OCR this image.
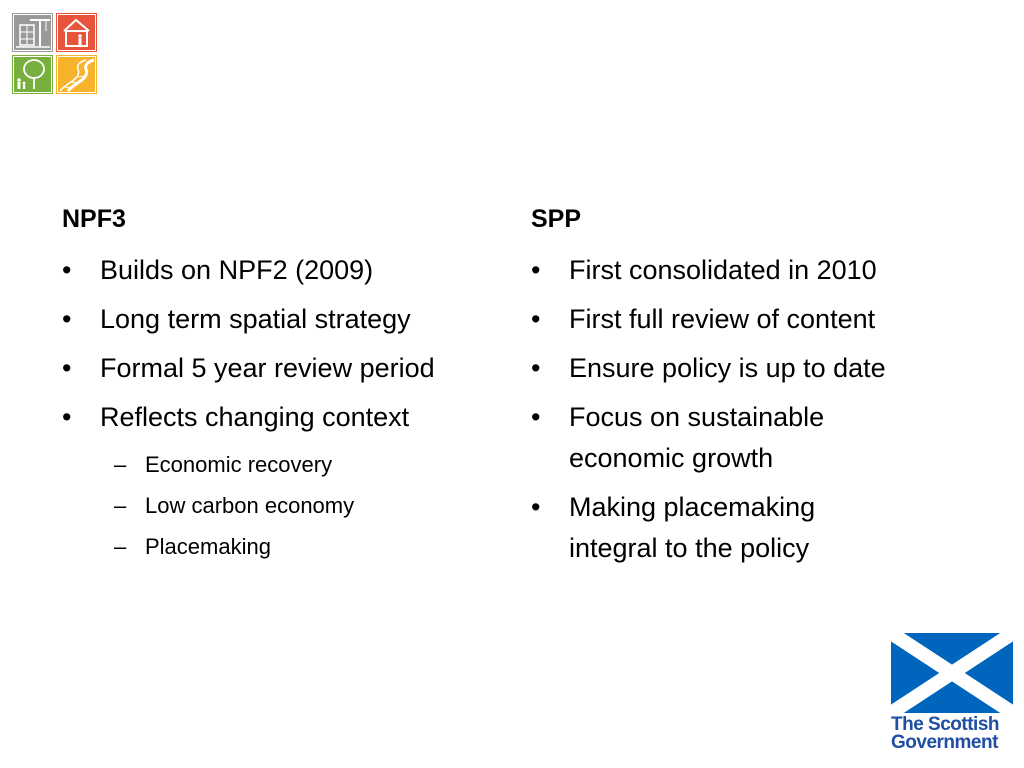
NPF3
•	Builds on NPF2 (2009)
•	Long term spatial strategy
•	Formal 5 year review period
•	Reflects changing context
– Economic recovery
– Low carbon economy
– Placemaking
SPP
•	First consolidated in 2010
•	First full review of content
•	Ensure policy is up to date
•	Focus on sustainable economic growth
•	Making placemaking integral to the policy
The Scottish
Government
